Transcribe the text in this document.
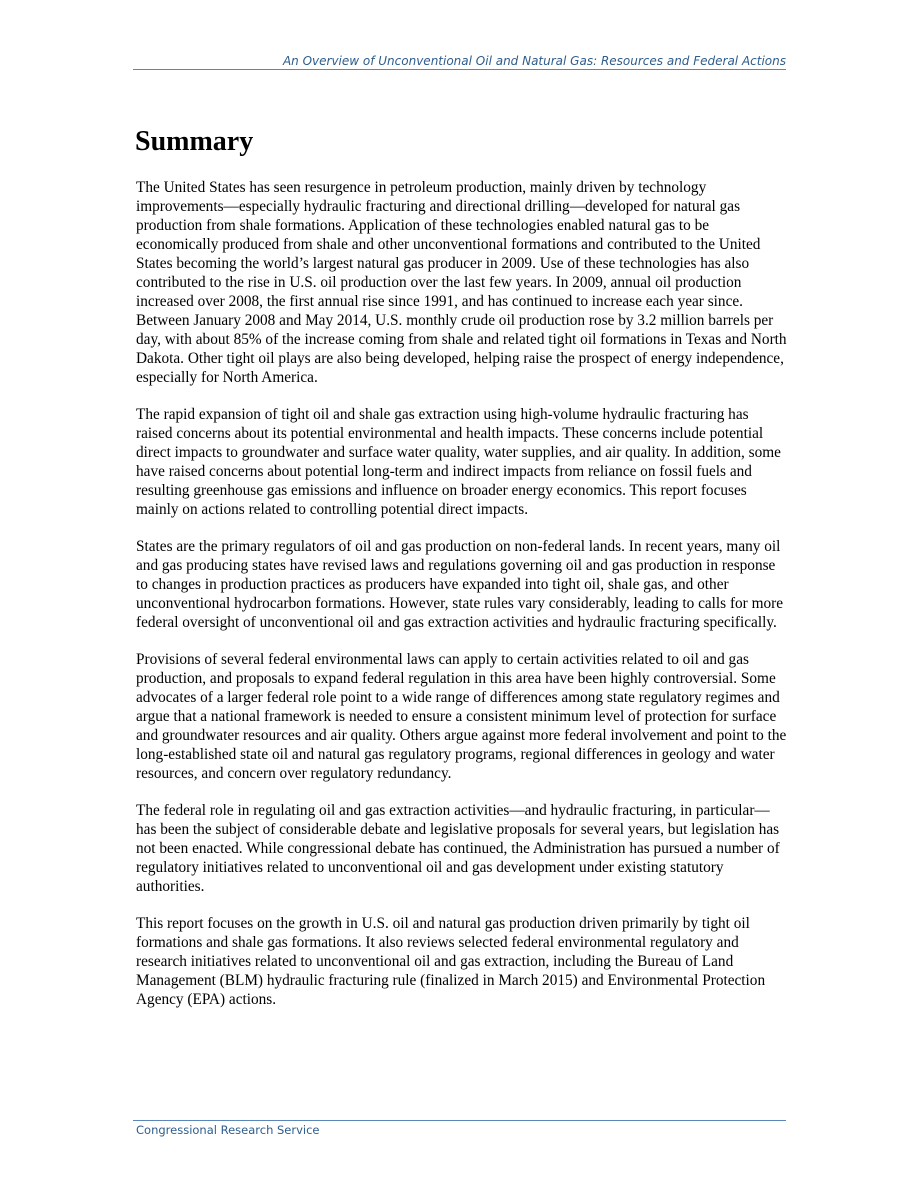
An Overview of Unconventional Oil and Natural Gas: Resources and Federal Actions
Summary

The United States has seen resurgence in petroleum production, mainly driven by technology improvements—especially hydraulic fracturing and directional drilling—developed for natural gas production from shale formations. Application of these technologies enabled natural gas to be economically produced from shale and other unconventional formations and contributed to the United States becoming the world’s largest natural gas producer in 2009. Use of these technologies has also contributed to the rise in U.S. oil production over the last few years. In 2009, annual oil production increased over 2008, the first annual rise since 1991, and has continued to increase each year since. Between January 2008 and May 2014, U.S. monthly crude oil production rose by 3.2 million barrels per day, with about 85% of the increase coming from shale and related tight oil formations in Texas and North Dakota. Other tight oil plays are also being developed, helping raise the prospect of energy independence, especially for North America.

The rapid expansion of tight oil and shale gas extraction using high-volume hydraulic fracturing has raised concerns about its potential environmental and health impacts. These concerns include potential direct impacts to groundwater and surface water quality, water supplies, and air quality. In addition, some have raised concerns about potential long-term and indirect impacts from reliance on fossil fuels and resulting greenhouse gas emissions and influence on broader energy economics. This report focuses mainly on actions related to controlling potential direct impacts.

States are the primary regulators of oil and gas production on non-federal lands. In recent years, many oil and gas producing states have revised laws and regulations governing oil and gas production in response to changes in production practices as producers have expanded into tight oil, shale gas, and other unconventional hydrocarbon formations. However, state rules vary considerably, leading to calls for more federal oversight of unconventional oil and gas extraction activities and hydraulic fracturing specifically.

Provisions of several federal environmental laws can apply to certain activities related to oil and gas production, and proposals to expand federal regulation in this area have been highly controversial. Some advocates of a larger federal role point to a wide range of differences among state regulatory regimes and argue that a national framework is needed to ensure a consistent minimum level of protection for surface and groundwater resources and air quality. Others argue against more federal involvement and point to the long-established state oil and natural gas regulatory programs, regional differences in geology and water resources, and concern over regulatory redundancy.

The federal role in regulating oil and gas extraction activities—and hydraulic fracturing, in particular—has been the subject of considerable debate and legislative proposals for several years, but legislation has not been enacted. While congressional debate has continued, the Administration has pursued a number of regulatory initiatives related to unconventional oil and gas development under existing statutory authorities.

This report focuses on the growth in U.S. oil and natural gas production driven primarily by tight oil formations and shale gas formations. It also reviews selected federal environmental regulatory and research initiatives related to unconventional oil and gas extraction, including the Bureau of Land Management (BLM) hydraulic fracturing rule (finalized in March 2015) and Environmental Protection Agency (EPA) actions.

Congressional Research Service
